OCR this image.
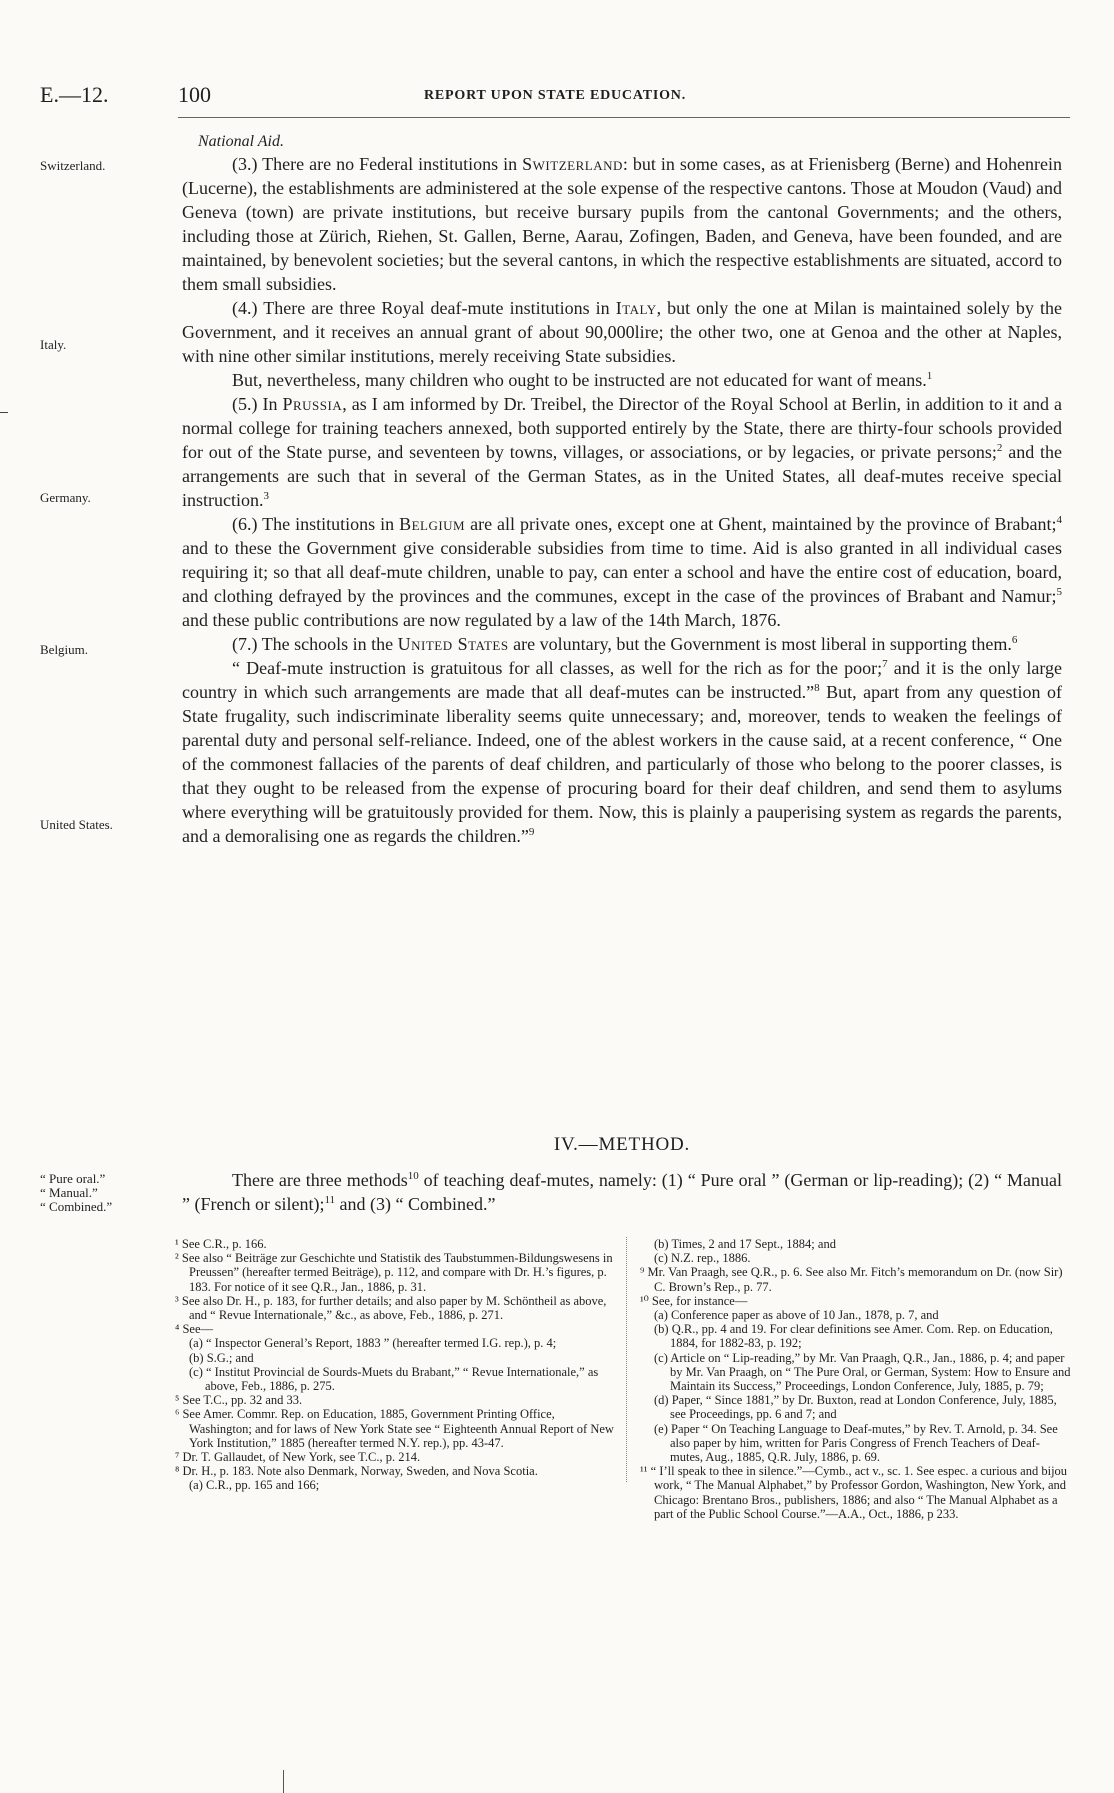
E.—12.	100	REPORT UPON STATE EDUCATION.
Switzerland.
Italy.
Germany.
Belgium.
United States.
“ Pure oral.”
“ Manual.”
“ Combined.”

National Aid.

(3.) There are no Federal institutions in Switzerland: but in some cases, as at Frienisberg (Berne) and Hohenrein (Lucerne), the establishments are administered at the sole expense of the respective cantons. Those at Moudon (Vaud) and Geneva (town) are private institutions, but receive bursary pupils from the cantonal Governments; and the others, including those at Zürich, Riehen, St. Gallen, Berne, Aarau, Zofingen, Baden, and Geneva, have been founded, and are maintained, by benevolent societies; but the several cantons, in which the respective establishments are situated, accord to them small subsidies.

(4.) There are three Royal deaf-mute institutions in Italy, but only the one at Milan is maintained solely by the Government, and it receives an annual grant of about 90,000lire; the other two, one at Genoa and the other at Naples, with nine other similar institutions, merely receiving State subsidies.

But, nevertheless, many children who ought to be instructed are not educated for want of means.$^1$

(5.) In Prussia, as I am informed by Dr. Treibel, the Director of the Royal School at Berlin, in addition to it and a normal college for training teachers annexed, both supported entirely by the State, there are thirty-four schools provided for out of the State purse, and seventeen by towns, villages, or associations, or by legacies, or private persons;$^2$ and the arrangements are such that in several of the German States, as in the United States, all deaf-mutes receive special instruction.$^3$

(6.) The institutions in Belgium are all private ones, except one at Ghent, maintained by the province of Brabant;$^4$ and to these the Government give considerable subsidies from time to time. Aid is also granted in all individual cases requiring it; so that all deaf-mute children, unable to pay, can enter a school and have the entire cost of education, board, and clothing defrayed by the provinces and the communes, except in the case of the provinces of Brabant and Namur;$^5$ and these public contributions are now regulated by a law of the 14th March, 1876.

(7.) The schools in the United States are voluntary, but the Government is most liberal in supporting them.$^6$

“ Deaf-mute instruction is gratuitous for all classes, as well for the rich as for the poor;$^7$ and it is the only large country in which such arrangements are made that all deaf-mutes can be instructed.”$^8$ But, apart from any question of State frugality, such indiscriminate liberality seems quite unnecessary; and, moreover, tends to weaken the feelings of parental duty and personal self-reliance. Indeed, one of the ablest workers in the cause said, at a recent conference, “ One of the commonest fallacies of the parents of deaf children, and particularly of those who belong to the poorer classes, is that they ought to be released from the expense of procuring board for their deaf children, and send them to asylums where everything will be gratuitously provided for them. Now, this is plainly a pauperising system as regards the parents, and a demoralising one as regards the children.”$^9$

IV.—METHOD.

There are three methods$^{10}$ of teaching deaf-mutes, namely: (1) “ Pure oral ” (German or lip-reading); (2) “ Manual ” (French or silent);$^{11}$ and (3) “ Combined.”

¹ See C.R., p. 166.

² See also “ Beiträge zur Geschichte und Statistik des Taubstummen-Bildungswesens in Preussen” (hereafter termed Beiträge), p. 112, and compare with Dr. H.’s figures, p. 183. For notice of it see Q.R., Jan., 1886, p. 31.

³ See also Dr. H., p. 183, for further details; and also paper by M. Schöntheil as above, and “ Revue Internationale,” &c., as above, Feb., 1886, p. 271.

⁴ See—

(a) “ Inspector General’s Report, 1883 ” (hereafter termed I.G. rep.), p. 4;

(b) S.G.; and

(c) “ Institut Provincial de Sourds-Muets du Brabant,” “ Revue Internationale,” as above, Feb., 1886, p. 275.

⁵ See T.C., pp. 32 and 33.

⁶ See Amer. Commr. Rep. on Education, 1885, Government Printing Office, Washington; and for laws of New York State see “ Eighteenth Annual Report of New York Institution,” 1885 (hereafter termed N.Y. rep.), pp. 43-47.

⁷ Dr. T. Gallaudet, of New York, see T.C., p. 214.

⁸ Dr. H., p. 183. Note also Denmark, Norway, Sweden, and Nova Scotia.

(a) C.R., pp. 165 and 166;

(b) Times, 2 and 17 Sept., 1884; and

(c) N.Z. rep., 1886.

⁹ Mr. Van Praagh, see Q.R., p. 6. See also Mr. Fitch’s memorandum on Dr. (now Sir) C. Brown’s Rep., p. 77.

¹⁰ See, for instance—

(a) Conference paper as above of 10 Jan., 1878, p. 7, and

(b) Q.R., pp. 4 and 19. For clear definitions see Amer. Com. Rep. on Education, 1884, for 1882-83, p. 192;

(c) Article on “ Lip-reading,” by Mr. Van Praagh, Q.R., Jan., 1886, p. 4; and paper by Mr. Van Praagh, on “ The Pure Oral, or German, System: How to Ensure and Maintain its Success,” Proceedings, London Conference, July, 1885, p. 79;

(d) Paper, “ Since 1881,” by Dr. Buxton, read at London Conference, July, 1885, see Proceedings, pp. 6 and 7; and

(e) Paper “ On Teaching Language to Deaf-mutes,” by Rev. T. Arnold, p. 34. See also paper by him, written for Paris Congress of French Teachers of Deaf-mutes, Aug., 1885, Q.R. July, 1886, p. 69.

¹¹ “ I’ll speak to thee in silence.”—Cymb., act v., sc. 1. See espec. a curious and bijou work, “ The Manual Alphabet,” by Professor Gordon, Washington, New York, and Chicago: Brentano Bros., publishers, 1886; and also “ The Manual Alphabet as a part of the Public School Course.”—A.A., Oct., 1886, p 233.
